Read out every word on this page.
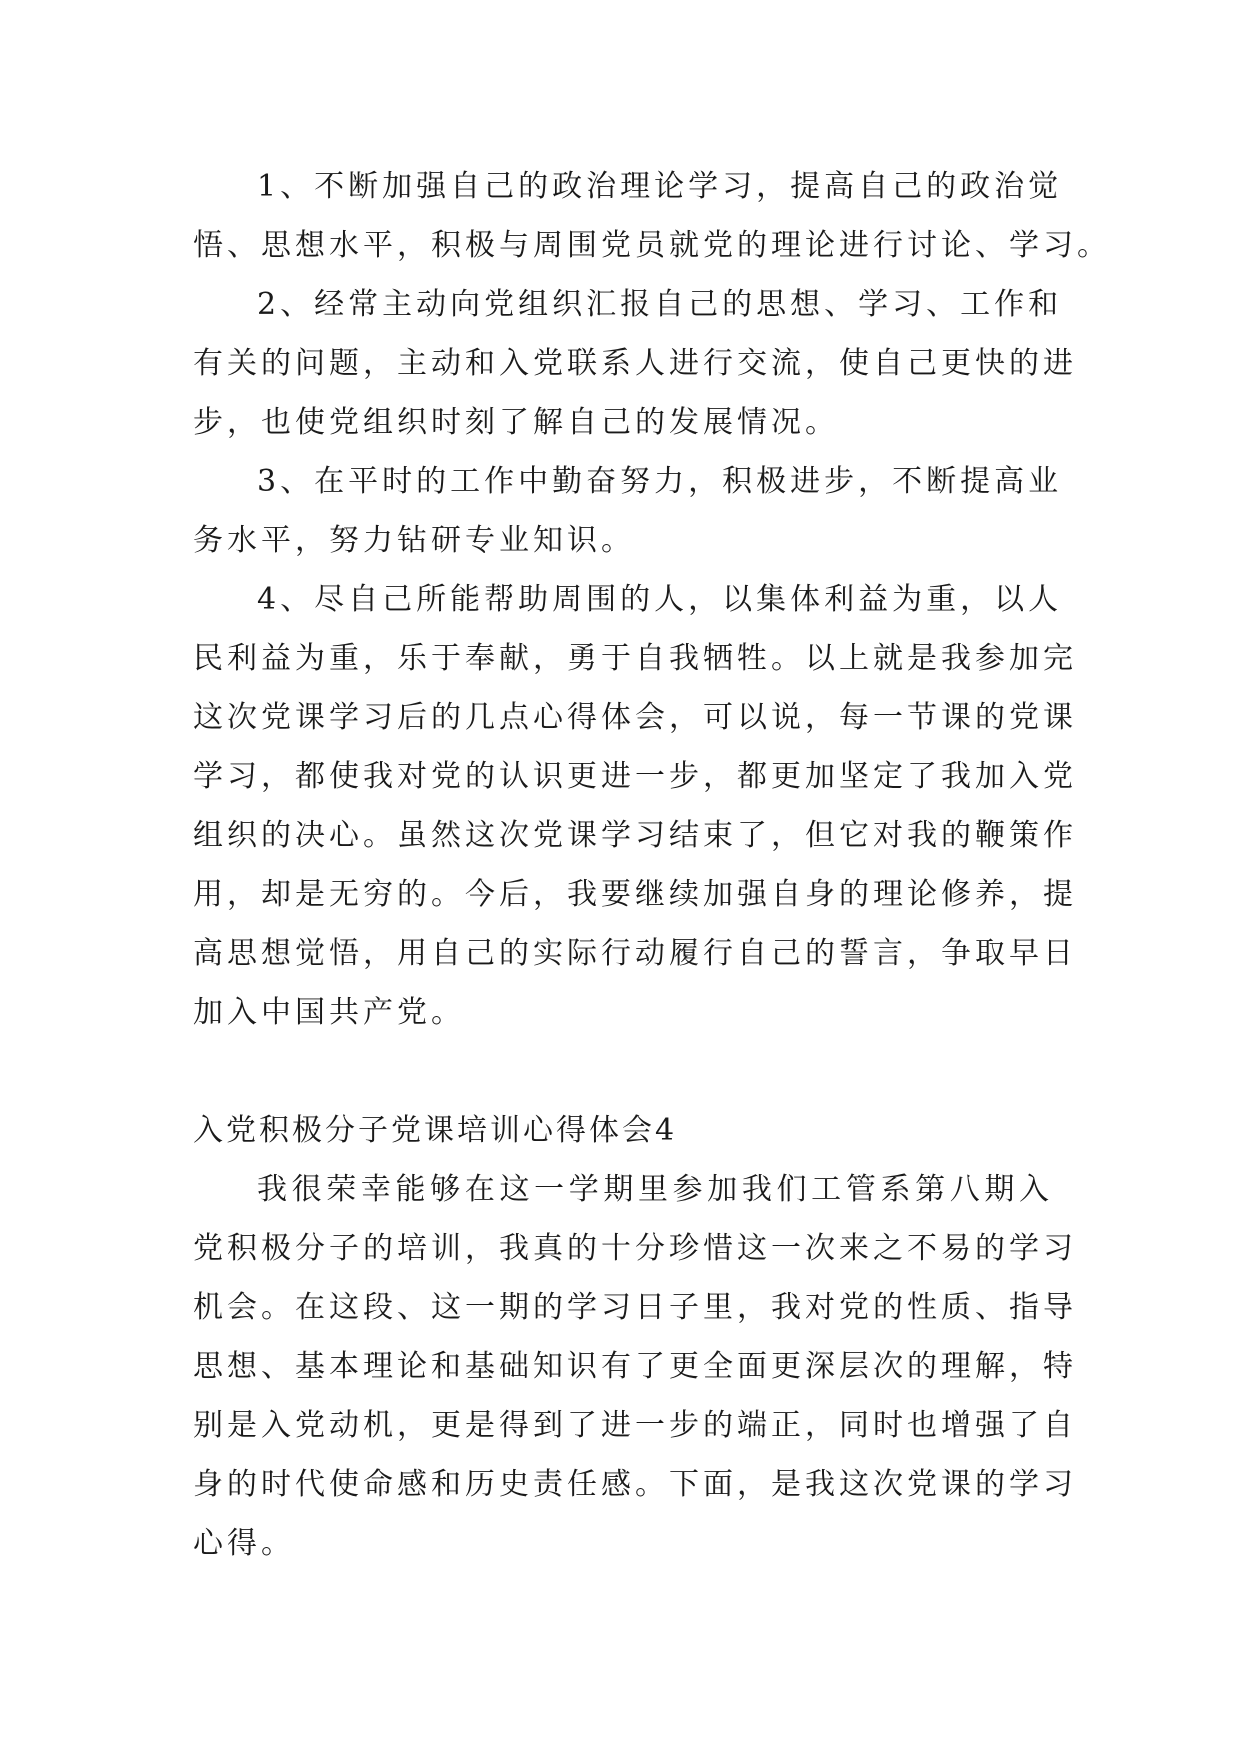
1、不断加强自己的政治理论学习，提高自己的政治觉
悟、思想水平，积极与周围党员就党的理论进行讨论、学习。
2、经常主动向党组织汇报自己的思想、学习、工作和
有关的问题，主动和入党联系人进行交流，使自己更快的进
步，也使党组织时刻了解自己的发展情况。
3、在平时的工作中勤奋努力，积极进步，不断提高业
务水平，努力钻研专业知识。
4、尽自己所能帮助周围的人，以集体利益为重，以人
民利益为重，乐于奉献，勇于自我牺牲。以上就是我参加完
这次党课学习后的几点心得体会，可以说，每一节课的党课
学习，都使我对党的认识更进一步，都更加坚定了我加入党
组织的决心。虽然这次党课学习结束了，但它对我的鞭策作
用，却是无穷的。今后，我要继续加强自身的理论修养，提
高思想觉悟，用自己的实际行动履行自己的誓言，争取早日
加入中国共产党。
入党积极分子党课培训心得体会4
我很荣幸能够在这一学期里参加我们工管系第八期入
党积极分子的培训，我真的十分珍惜这一次来之不易的学习
机会。在这段、这一期的学习日子里，我对党的性质、指导
思想、基本理论和基础知识有了更全面更深层次的理解，特
别是入党动机，更是得到了进一步的端正，同时也增强了自
身的时代使命感和历史责任感。下面，是我这次党课的学习
心得。
